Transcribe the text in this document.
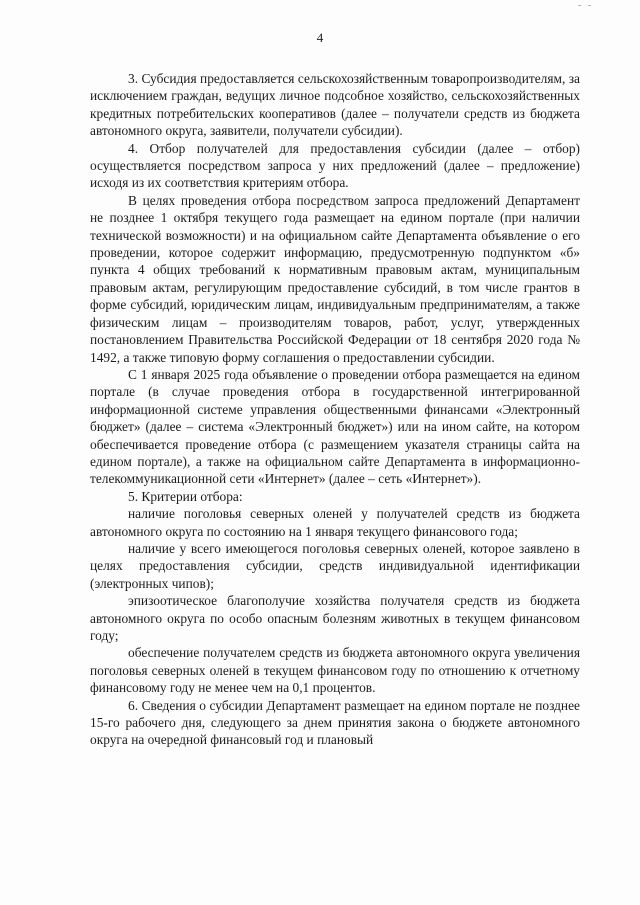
- -
4

3. Субсидия предоставляется сельскохозяйственным товаропроизводителям, за исключением граждан, ведущих личное подсобное хозяйство, сельскохозяйственных кредитных потребительских кооперативов (далее – получатели средств из бюджета автономного округа, заявители, получатели субсидии).

4. Отбор получателей для предоставления субсидии (далее – отбор) осуществляется посредством запроса у них предложений (далее – предложение) исходя из их соответствия критериям отбора.

В целях проведения отбора посредством запроса предложений Департамент не позднее 1 октября текущего года размещает на едином портале (при наличии технической возможности) и на официальном сайте Департамента объявление о его проведении, которое содержит информацию, предусмотренную подпунктом «б» пункта 4 общих требований к нормативным правовым актам, муниципальным правовым актам, регулирующим предоставление субсидий, в том числе грантов в форме субсидий, юридическим лицам, индивидуальным предпринимателям, а также физическим лицам – производителям товаров, работ, услуг, утвержденных постановлением Правительства Российской Федерации от 18 сентября 2020 года № 1492, а также типовую форму соглашения о предоставлении субсидии.

С 1 января 2025 года объявление о проведении отбора размещается на едином портале (в случае проведения отбора в государственной интегрированной информационной системе управления общественными финансами «Электронный бюджет» (далее – система «Электронный бюджет») или на ином сайте, на котором обеспечивается проведение отбора (с размещением указателя страницы сайта на едином портале), а также на официальном сайте Департамента в информационно-телекоммуникационной сети «Интернет» (далее – сеть «Интернет»).

5. Критерии отбора:

наличие поголовья северных оленей у получателей средств из бюджета автономного округа по состоянию на 1 января текущего финансового года;

наличие у всего имеющегося поголовья северных оленей, которое заявлено в целях предоставления субсидии, средств индивидуальной идентификации (электронных чипов);

эпизоотическое благополучие хозяйства получателя средств из бюджета автономного округа по особо опасным болезням животных в текущем финансовом году;

обеспечение получателем средств из бюджета автономного округа увеличения поголовья северных оленей в текущем финансовом году по отношению к отчетному финансовому году не менее чем на 0,1 процентов.

6. Сведения о субсидии Департамент размещает на едином портале не позднее 15-го рабочего дня, следующего за днем принятия закона о бюджете автономного округа на очередной финансовый год и плановый
